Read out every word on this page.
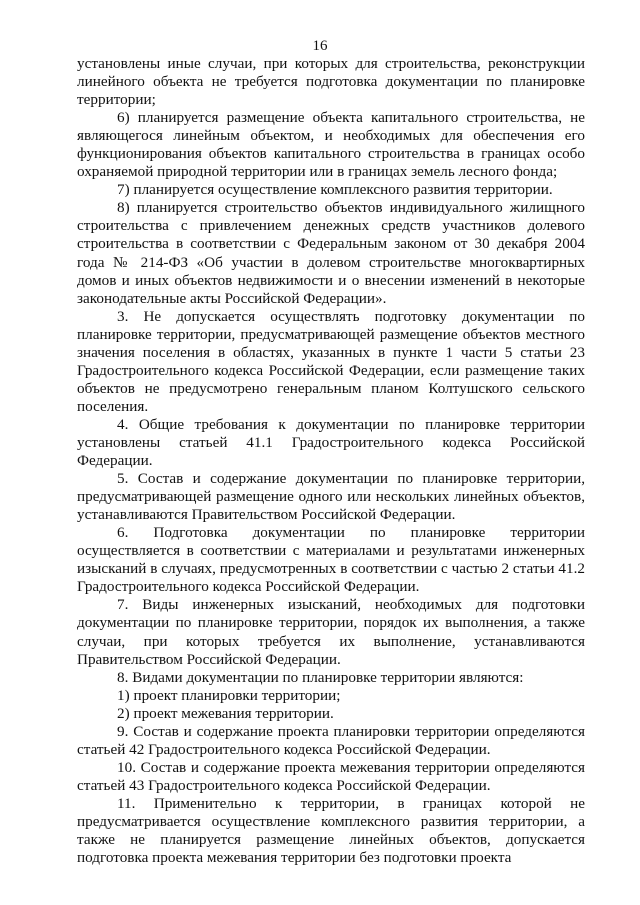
16

установлены иные случаи, при которых для строительства, реконструкции линейного объекта не требуется подготовка документации по планировке территории;

6) планируется размещение объекта капитального строительства, не являющегося линейным объектом, и необходимых для обеспечения его функционирования объектов капитального строительства в границах особо охраняемой природной территории или в границах земель лесного фонда;

7) планируется осуществление комплексного развития территории.

8) планируется строительство объектов индивидуального жилищного строительства с привлечением денежных средств участников долевого строительства в соответствии с Федеральным законом от 30 декабря 2004 года № 214-ФЗ «Об участии в долевом строительстве многоквартирных домов и иных объектов недвижимости и о внесении изменений в некоторые законодательные акты Российской Федерации».

3. Не допускается осуществлять подготовку документации по планировке территории, предусматривающей размещение объектов местного значения поселения в областях, указанных в пункте 1 части 5 статьи 23 Градостроительного кодекса Российской Федерации, если размещение таких объектов не предусмотрено генеральным планом Колтушского сельского поселения.

4. Общие требования к документации по планировке территории установлены статьей 41.1 Градостроительного кодекса Российской Федерации.

5. Состав и содержание документации по планировке территории, предусматривающей размещение одного или нескольких линейных объектов, устанавливаются Правительством Российской Федерации.

6. Подготовка документации по планировке территории осуществляется в соответствии с материалами и результатами инженерных изысканий в случаях, предусмотренных в соответствии с частью 2 статьи 41.2 Градостроительного кодекса Российской Федерации.

7. Виды инженерных изысканий, необходимых для подготовки документации по планировке территории, порядок их выполнения, а также случаи, при которых требуется их выполнение, устанавливаются Правительством Российской Федерации.

8. Видами документации по планировке территории являются:

1) проект планировки территории;

2) проект межевания территории.

9. Состав и содержание проекта планировки территории определяются статьей 42 Градостроительного кодекса Российской Федерации.

10. Состав и содержание проекта межевания территории определяются статьей 43 Градостроительного кодекса Российской Федерации.

11. Применительно к территории, в границах которой не предусматривается осуществление комплексного развития территории, а также не планируется размещение линейных объектов, допускается подготовка проекта межевания территории без подготовки проекта
